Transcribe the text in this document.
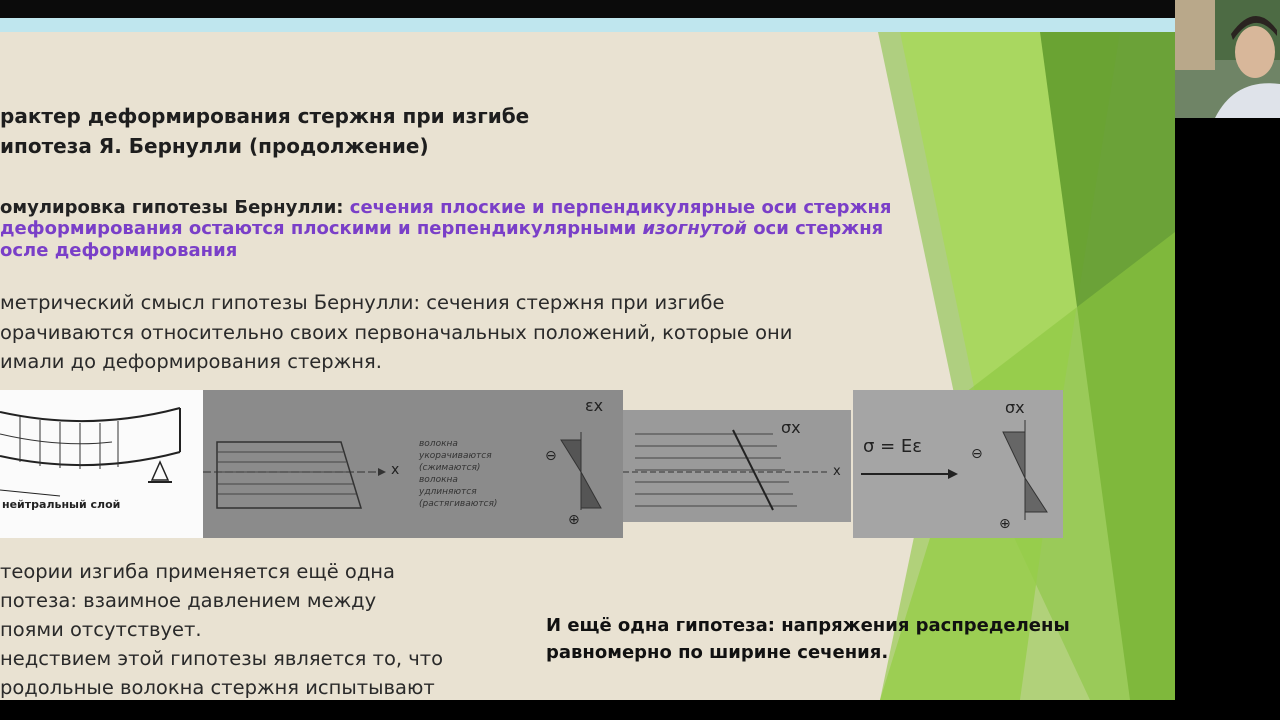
рактер деформирования стержня при изгибе
ипотеза Я. Бернулли (продолжение)
омулировка гипотезы Бернулли: сечения плоские и перпендикулярные оси стержня
деформирования остаются плоскими и перпендикулярными изогнутой оси стержня
осле деформирования
метрический смысл гипотезы Бернулли: сечения стержня при изгибе
орачиваются относительно своих первоначальных положений, которые они
имали до деформирования стержня.
нейтральный слой
x
εx
⊖
⊕
волокна
укорачиваются
(сжимаются)
волокна
удлиняются
(растягиваются)
σx
x
σ = Eε
σx
⊖
⊕
теории изгиба применяется ещё одна
потеза: взаимное давлением между
поями отсутствует.
недствием этой гипотезы является то, что
родольные волокна стержня испытывают
И ещё одна гипотеза: напряжения распределены
равномерно по ширине сечения.
